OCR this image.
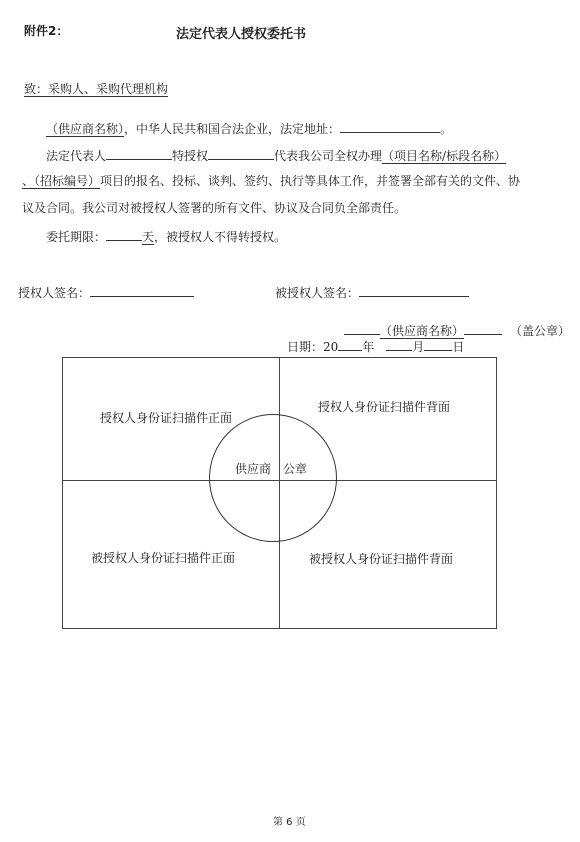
附件2：	法定代表人授权委托书
致：采购人、采购代理机构
（供应商名称），中华人民共和国合法企业，法定地址：	。
法定代表人	特授权	代表我公司全权办理（项目名称/标段名称）
、（招标编号）项目的报名、投标、谈判、签约、执行等具体工作，并签署全部有关的文件、协
议及合同。我公司对被授权人签署的所有文件、协议及合同负全部责任。
委托期限：	天，被授权人不得转授权。
授权人签名：	被授权人签名：
（供应商名称）	（盖公章）
日期：20 年	月 日
授权人身份证扫描件正面
授权人身份证扫描件背面
被授权人身份证扫描件正面	被授权人身份证扫描件背面
供应商 公章
第 6 页
